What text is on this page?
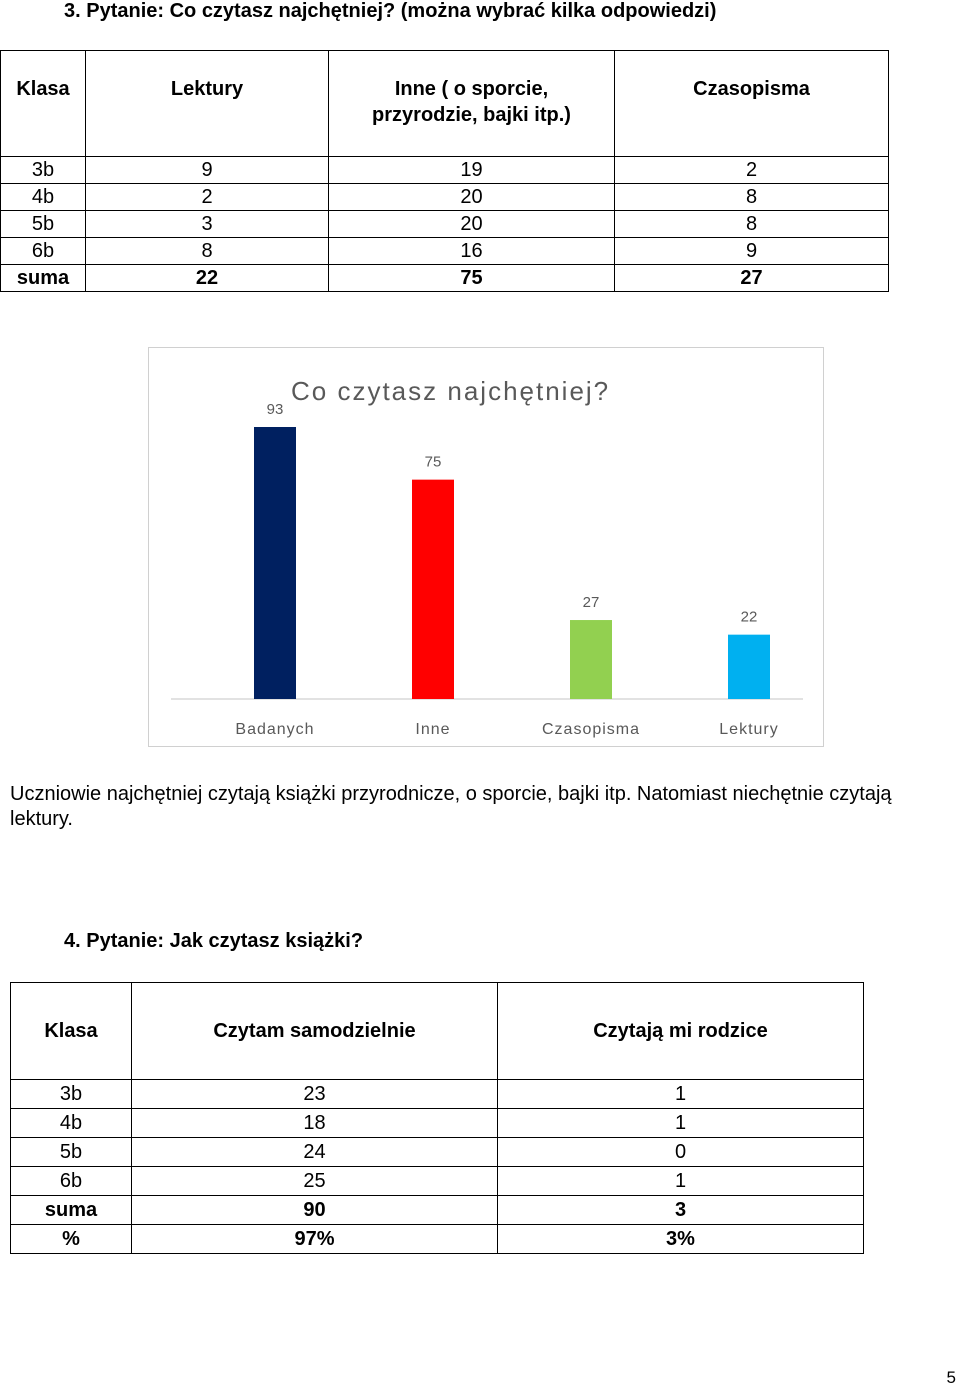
3. Pytanie: Co czytasz najchętniej? (można wybrać kilka odpowiedzi)
Klasa	Lektury	Inne ( o sporcie,
przyrodzie, bajki itp.)	Czasopisma
3b	9	19	2
4b	2	20	8
5b	3	20	8
6b	8	16	9
suma	22	75	27
Co czytasz najchętniej?
93
Badanych
75
Inne
27
Czasopisma
22
Lektury
Uczniowie najchętniej czytają książki przyrodnicze, o sporcie, bajki itp. Natomiast niechętnie czytają lektury.
4. Pytanie: Jak czytasz książki?
Klasa	Czytam samodzielnie	Czytają mi rodzice
3b	23	1
4b	18	1
5b	24	0
6b	25	1
suma	90	3
%	97%	3%
5
